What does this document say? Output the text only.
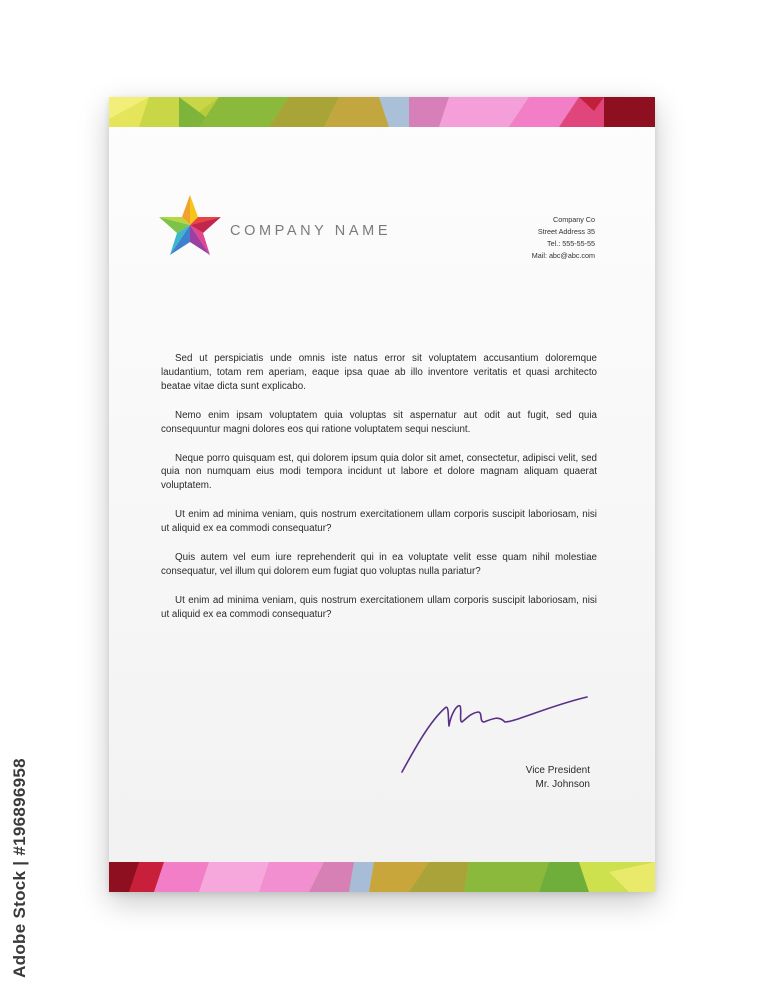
COMPANY NAME
Company Co
Street Address 35
Tel.: 555-55-55
Mail: abc@abc.com

Sed ut perspiciatis unde omnis iste natus error sit voluptatem accusantium doloremque laudantium, totam rem aperiam, eaque ipsa quae ab illo inventore veritatis et quasi architecto beatae vitae dicta sunt explicabo.

Nemo enim ipsam voluptatem quia voluptas sit aspernatur aut odit aut fugit, sed quia consequuntur magni dolores eos qui ratione voluptatem sequi nesciunt.

Neque porro quisquam est, qui dolorem ipsum quia dolor sit amet, consectetur, adipisci velit, sed quia non numquam eius modi tempora incidunt ut labore et dolore magnam aliquam quaerat voluptatem.

Ut enim ad minima veniam, quis nostrum exercitationem ullam corporis suscipit laboriosam, nisi ut aliquid ex ea commodi consequatur?

Quis autem vel eum iure reprehenderit qui in ea voluptate velit esse quam nihil molestiae consequatur, vel illum qui dolorem eum fugiat quo voluptas nulla pariatur?

Ut enim ad minima veniam, quis nostrum exercitationem ullam corporis suscipit laboriosam, nisi ut aliquid ex ea commodi consequatur?

Vice President
Mr. Johnson
Adobe Stock | #196896958
